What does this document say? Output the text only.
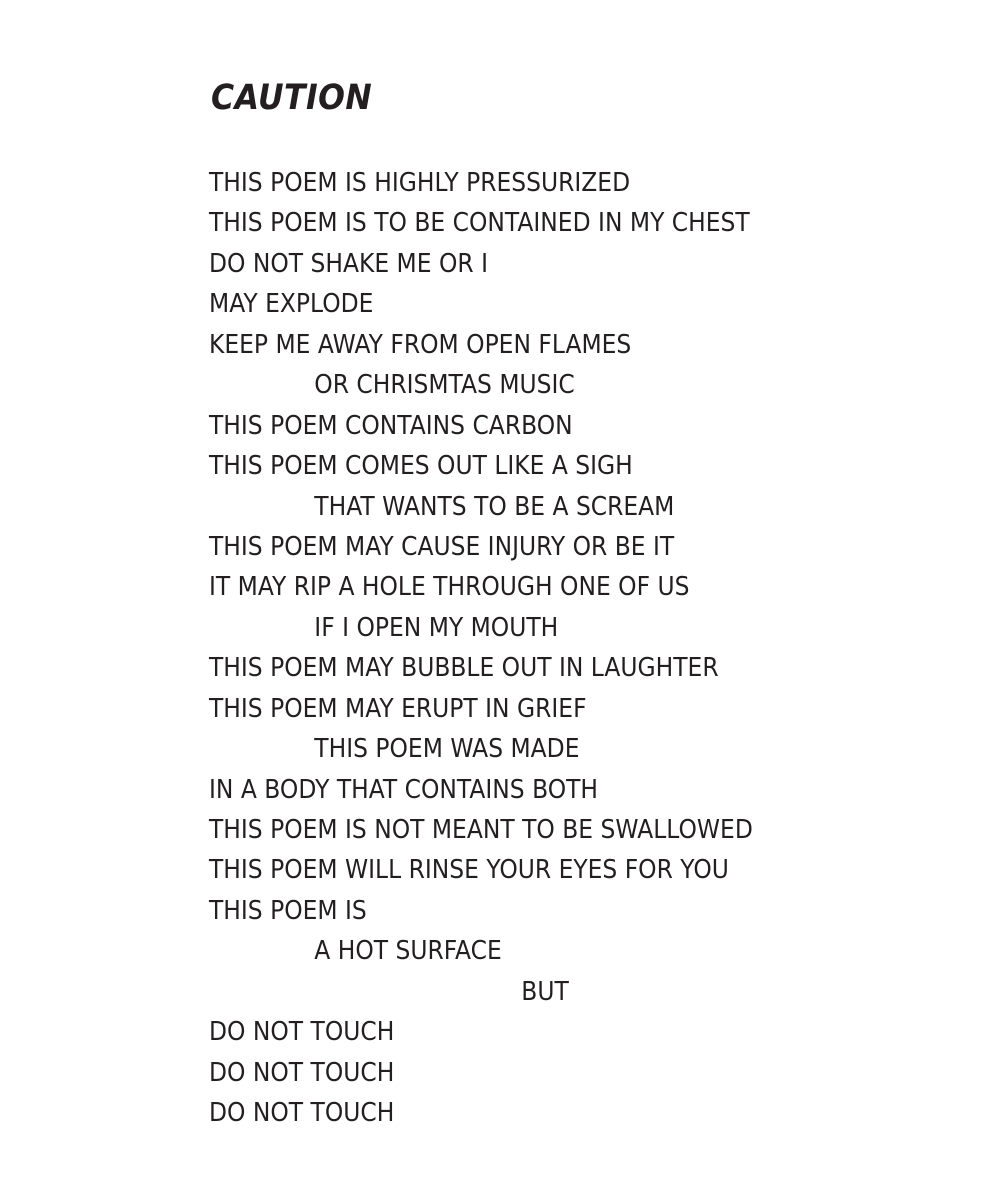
CAUTION
THIS POEM IS HIGHLY PRESSURIZED
THIS POEM IS TO BE CONTAINED IN MY CHEST
DO NOT SHAKE ME OR I
MAY EXPLODE
KEEP ME AWAY FROM OPEN FLAMES
OR CHRISMTAS MUSIC
THIS POEM CONTAINS CARBON
THIS POEM COMES OUT LIKE A SIGH
THAT WANTS TO BE A SCREAM
THIS POEM MAY CAUSE INJURY OR BE IT
IT MAY RIP A HOLE THROUGH ONE OF US
IF I OPEN MY MOUTH
THIS POEM MAY BUBBLE OUT IN LAUGHTER
THIS POEM MAY ERUPT IN GRIEF
THIS POEM WAS MADE
IN A BODY THAT CONTAINS BOTH
THIS POEM IS NOT MEANT TO BE SWALLOWED
THIS POEM WILL RINSE YOUR EYES FOR YOU
THIS POEM IS
A HOT SURFACE
BUT
DO NOT TOUCH
DO NOT TOUCH
DO NOT TOUCH
